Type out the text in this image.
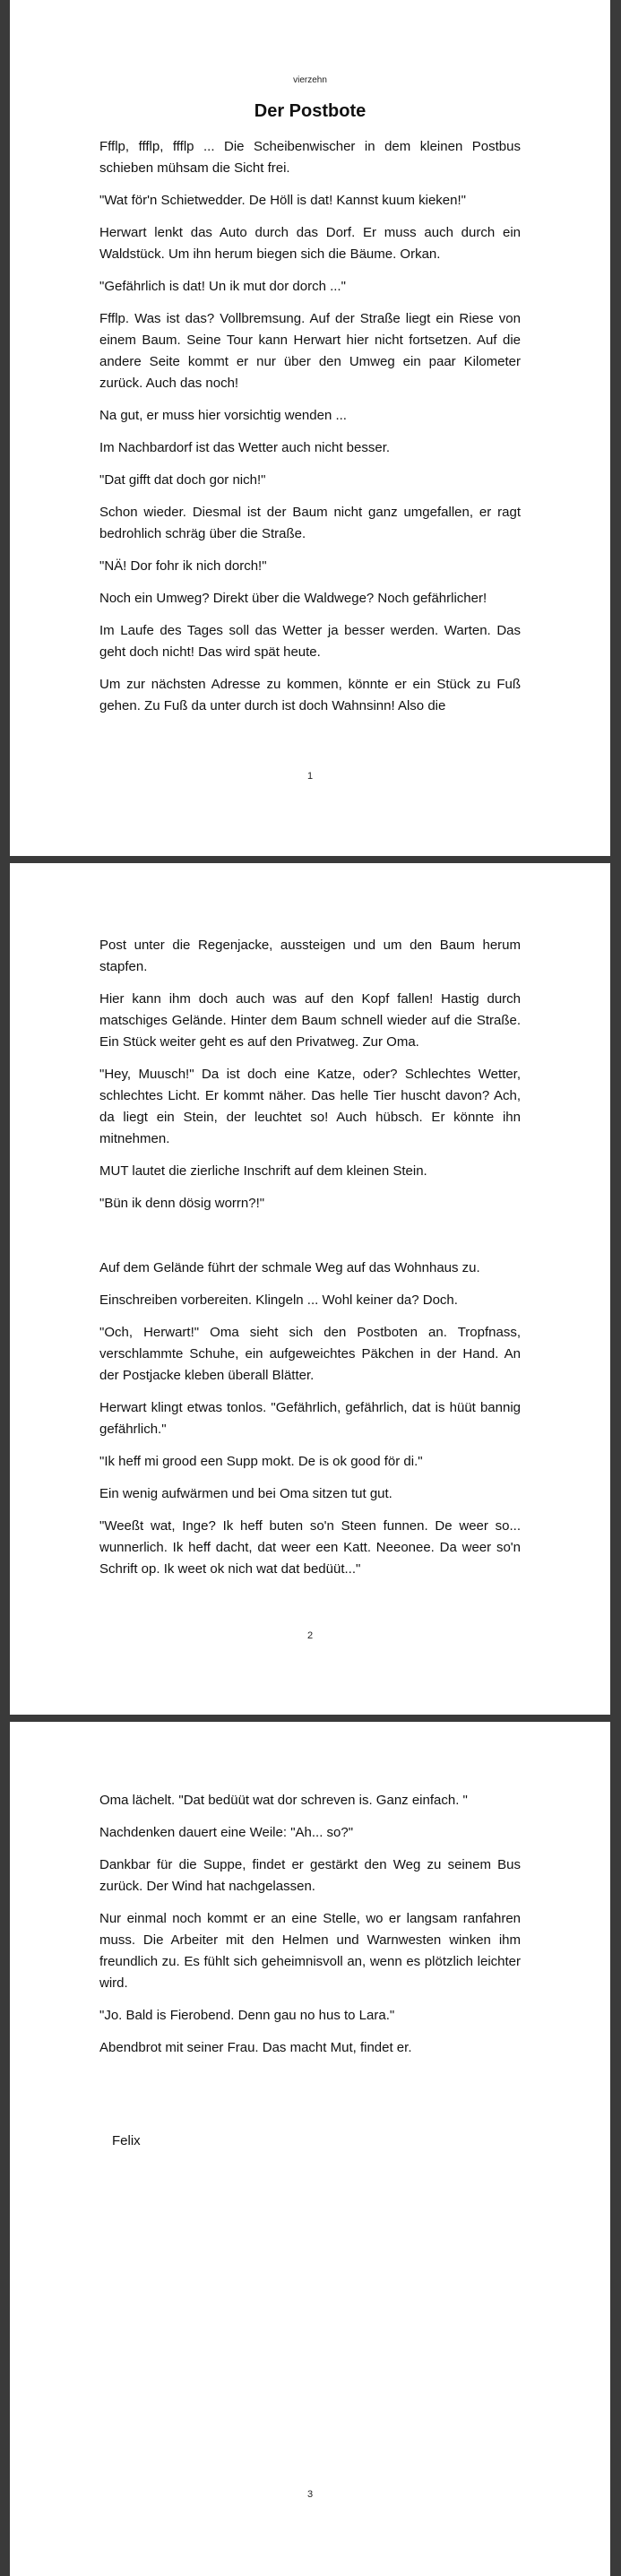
vierzehn
Der Postbote

Ffflp, ffflp, ffflp ... Die Scheibenwischer in dem kleinen Postbus schieben mühsam die Sicht frei.

"Wat för'n Schietwedder. De Höll is dat! Kannst kuum kieken!"

Herwart lenkt das Auto durch das Dorf. Er muss auch durch ein Waldstück. Um ihn herum biegen sich die Bäume. Orkan.

"Gefährlich is dat! Un ik mut dor dorch ..."

Ffflp. Was ist das? Vollbremsung. Auf der Straße liegt ein Riese von einem Baum. Seine Tour kann Herwart hier nicht fortsetzen. Auf die andere Seite kommt er nur über den Umweg ein paar Kilometer zurück. Auch das noch!

Na gut, er muss hier vorsichtig wenden ...

Im Nachbardorf ist das Wetter auch nicht besser.

"Dat gifft dat doch gor nich!"

Schon wieder. Diesmal ist der Baum nicht ganz umgefallen, er ragt bedrohlich schräg über die Straße.

"NÄ! Dor fohr ik nich dorch!"

Noch ein Umweg? Direkt über die Waldwege? Noch gefährlicher!

Im Laufe des Tages soll das Wetter ja besser werden. Warten. Das geht doch nicht! Das wird spät heute.

Um zur nächsten Adresse zu kommen, könnte er ein Stück zu Fuß gehen. Zu Fuß da unter durch ist doch Wahnsinn! Also die

1

Post unter die Regenjacke, aussteigen und um den Baum herum stapfen.

Hier kann ihm doch auch was auf den Kopf fallen! Hastig durch matschiges Gelände. Hinter dem Baum schnell wieder auf die Straße. Ein Stück weiter geht es auf den Privatweg. Zur Oma.

"Hey, Muusch!" Da ist doch eine Katze, oder? Schlechtes Wetter, schlechtes Licht. Er kommt näher. Das helle Tier huscht davon? Ach, da liegt ein Stein, der leuchtet so! Auch hübsch. Er könnte ihn mitnehmen.

MUT lautet die zierliche Inschrift auf dem kleinen Stein.

"Bün ik denn dösig worrn?!"

Auf dem Gelände führt der schmale Weg auf das Wohnhaus zu.

Einschreiben vorbereiten. Klingeln ... Wohl keiner da? Doch.

"Och, Herwart!" Oma sieht sich den Postboten an. Tropfnass, verschlammte Schuhe, ein aufgeweichtes Päkchen in der Hand. An der Postjacke kleben überall Blätter.

Herwart klingt etwas tonlos. "Gefährlich, gefährlich, dat is hüüt bannig gefährlich."

"Ik heff mi grood een Supp mokt. De is ok good för di."

Ein wenig aufwärmen und bei Oma sitzen tut gut.

"Weeßt wat, Inge? Ik heff buten so'n Steen funnen. De weer so... wunnerlich. Ik heff dacht, dat weer een Katt. Neeonee. Da weer so'n Schrift op. Ik weet ok nich wat dat bedüüt..."

2

Oma lächelt. "Dat bedüüt wat dor schreven is. Ganz einfach. "

Nachdenken dauert eine Weile: "Ah... so?"

Dankbar für die Suppe, findet er gestärkt den Weg zu seinem Bus zurück. Der Wind hat nachgelassen.

Nur einmal noch kommt er an eine Stelle, wo er langsam ranfahren muss. Die Arbeiter mit den Helmen und Warnwesten winken ihm freundlich zu. Es fühlt sich geheimnisvoll an, wenn es plötzlich leichter wird.

"Jo. Bald is Fierobend. Denn gau no hus to Lara."

Abendbrot mit seiner Frau. Das macht Mut, findet er.

Felix

3
